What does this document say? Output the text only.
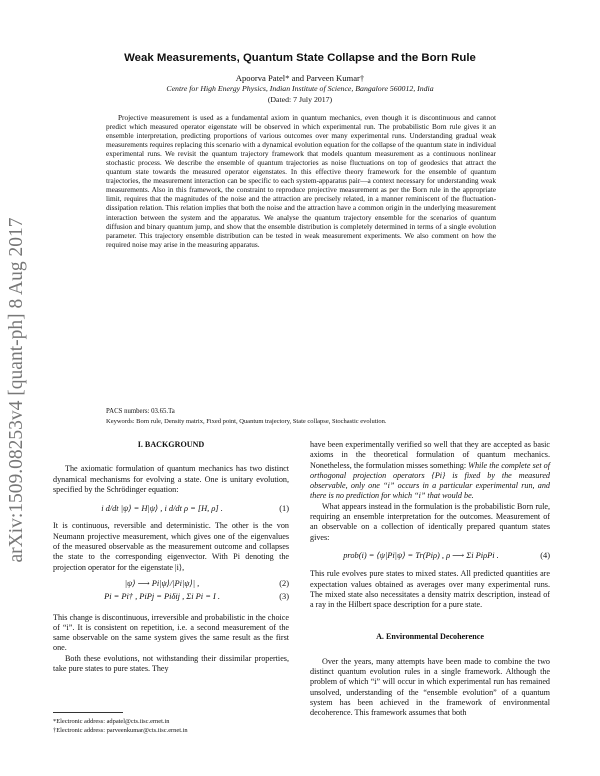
arXiv:1509.08253v4 [quant-ph] 8 Aug 2017
Weak Measurements, Quantum State Collapse and the Born Rule
Apoorva Patel* and Parveen Kumar†
Centre for High Energy Physics, Indian Institute of Science, Bangalore 560012, India
(Dated: 7 July 2017)

Projective measurement is used as a fundamental axiom in quantum mechanics, even though it is discontinuous and cannot predict which measured operator eigenstate will be observed in which experimental run. The probabilistic Born rule gives it an ensemble interpretation, predicting proportions of various outcomes over many experimental runs. Understanding gradual weak measurements requires replacing this scenario with a dynamical evolution equation for the collapse of the quantum state in individual experimental runs. We revisit the quantum trajectory framework that models quantum measurement as a continuous nonlinear stochastic process. We describe the ensemble of quantum trajectories as noise fluctuations on top of geodesics that attract the quantum state towards the measured operator eigenstates. In this effective theory framework for the ensemble of quantum trajectories, the measurement interaction can be specific to each system-apparatus pair—a context necessary for understanding weak measurements. Also in this framework, the constraint to reproduce projective measurement as per the Born rule in the appropriate limit, requires that the magnitudes of the noise and the attraction are precisely related, in a manner reminiscent of the fluctuation-dissipation relation. This relation implies that both the noise and the attraction have a common origin in the underlying measurement interaction between the system and the apparatus. We analyse the quantum trajectory ensemble for the scenarios of quantum diffusion and binary quantum jump, and show that the ensemble distribution is completely determined in terms of a single evolution parameter. This trajectory ensemble distribution can be tested in weak measurement experiments. We also comment on how the required noise may arise in the measuring apparatus.

PACS numbers: 03.65.Ta
Keywords: Born rule, Density matrix, Fixed point, Quantum trajectory, State collapse, Stochastic evolution.
I. BACKGROUND

The axiomatic formulation of quantum mechanics has two distinct dynamical mechanisms for evolving a state. One is unitary evolution, specified by the Schrödinger equation:

i d/dt |ψ⟩ = H|ψ⟩ , i d/dt ρ = [H, ρ] .	(1)

It is continuous, reversible and deterministic. The other is the von Neumann projective measurement, which gives one of the eigenvalues of the measured observable as the measurement outcome and collapses the state to the corresponding eigenvector. With Pi denoting the projection operator for the eigenstate |i⟩,

|ψ⟩ ⟶ Pi|ψ⟩/|Pi|ψ⟩| ,	(2)
Pi = Pi† , PiPj = Piδij , Σi Pi = I .	(3)

This change is discontinuous, irreversible and probabilistic in the choice of “i”. It is consistent on repetition, i.e. a second measurement of the same observable on the same system gives the same result as the first one.

Both these evolutions, not withstanding their dissimilar properties, take pure states to pure states. They

have been experimentally verified so well that they are accepted as basic axioms in the theoretical formulation of quantum mechanics. Nonetheless, the formulation misses something: While the complete set of orthogonal projection operators {Pi} is fixed by the measured observable, only one “i” occurs in a particular experimental run, and there is no prediction for which “i” that would be.

What appears instead in the formulation is the probabilistic Born rule, requiring an ensemble interpretation for the outcomes. Measurement of an observable on a collection of identically prepared quantum states gives:

prob(i) = ⟨ψ|Pi|ψ⟩ = Tr(Piρ) , ρ ⟶ Σi PiρPi .	(4)

This rule evolves pure states to mixed states. All predicted quantities are expectation values obtained as averages over many experimental runs. The mixed state also necessitates a density matrix description, instead of a ray in the Hilbert space description for a pure state.

A. Environmental Decoherence

Over the years, many attempts have been made to combine the two distinct quantum evolution rules in a single framework. Although the problem of which “i” will occur in which experimental run has remained unsolved, understanding of the “ensemble evolution” of a quantum system has been achieved in the framework of environmental decoherence. This framework assumes that both

*Electronic address: adpatel@cts.iisc.ernet.in
†Electronic address: parveenkumar@cts.iisc.ernet.in
